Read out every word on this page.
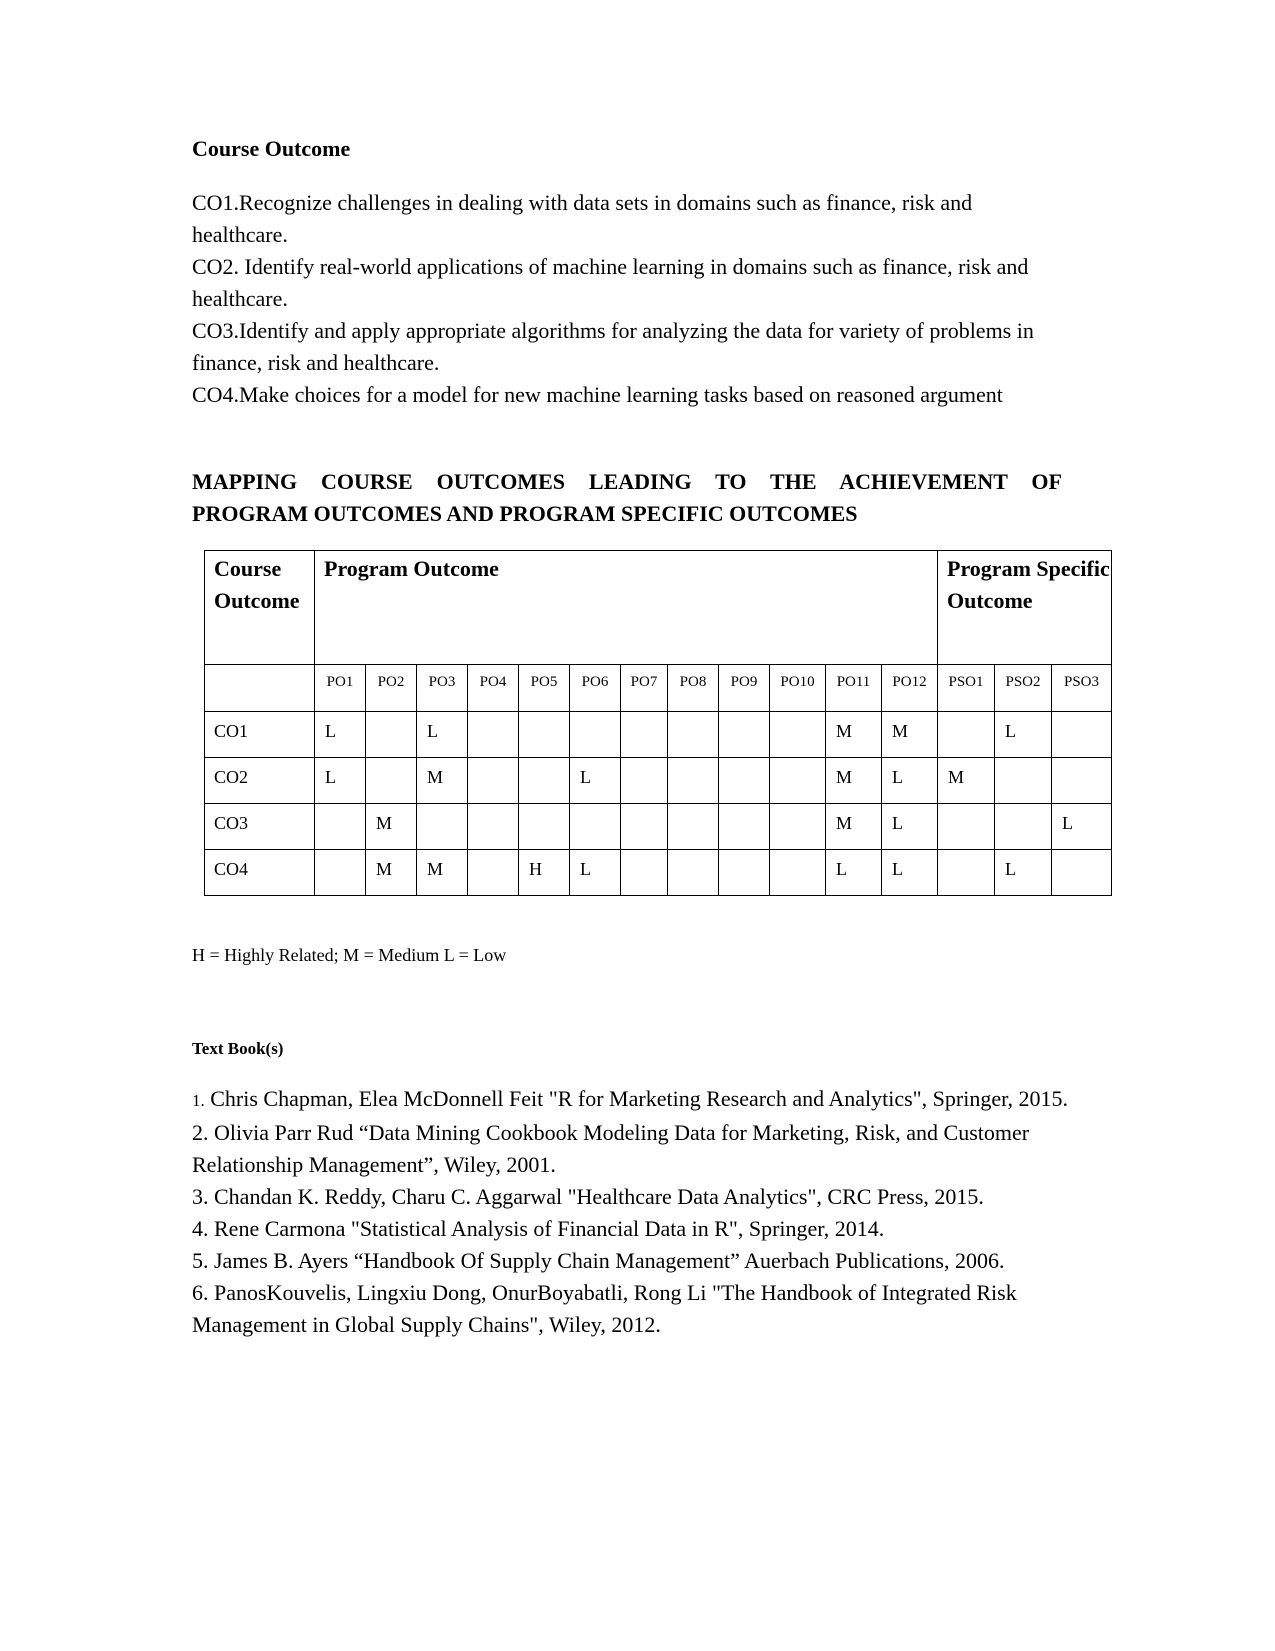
Course Outcome

CO1.Recognize challenges in dealing with data sets in domains such as finance, risk and healthcare.

CO2. Identify real-world applications of machine learning in domains such as finance, risk and healthcare.

CO3.Identify and apply appropriate algorithms for analyzing the data for variety of problems in finance, risk and healthcare.

CO4.Make choices for a model for new machine learning tasks based on reasoned argument

MAPPING COURSE OUTCOMES LEADING TO THE ACHIEVEMENT OF
PROGRAM OUTCOMES AND PROGRAM SPECIFIC OUTCOMES
Course Outcome	Program Outcome												Program Specific Outcome		
	PO1	PO2	PO3	PO4	PO5	PO6	PO7	PO8	PO9	PO10	PO11	PO12	PSO1	PSO2	PSO3
CO1	L		L								M	M		L	
CO2	L		M			L					M	L	M		
CO3		M									M	L			L
CO4		M	M		H	L					L	L		L	

H = Highly Related; M = Medium L = Low

Text Book(s)

1. Chris Chapman, Elea McDonnell Feit "R for Marketing Research and Analytics", Springer, 2015.

2. Olivia Parr Rud “Data Mining Cookbook Modeling Data for Marketing, Risk, and Customer Relationship Management”, Wiley, 2001.

3. Chandan K. Reddy, Charu C. Aggarwal "Healthcare Data Analytics", CRC Press, 2015.

4. Rene Carmona "Statistical Analysis of Financial Data in R", Springer, 2014.

5. James B. Ayers “Handbook Of Supply Chain Management” Auerbach Publications, 2006.

6. PanosKouvelis, Lingxiu Dong, OnurBoyabatli, Rong Li "The Handbook of Integrated Risk Management in Global Supply Chains", Wiley, 2012.
